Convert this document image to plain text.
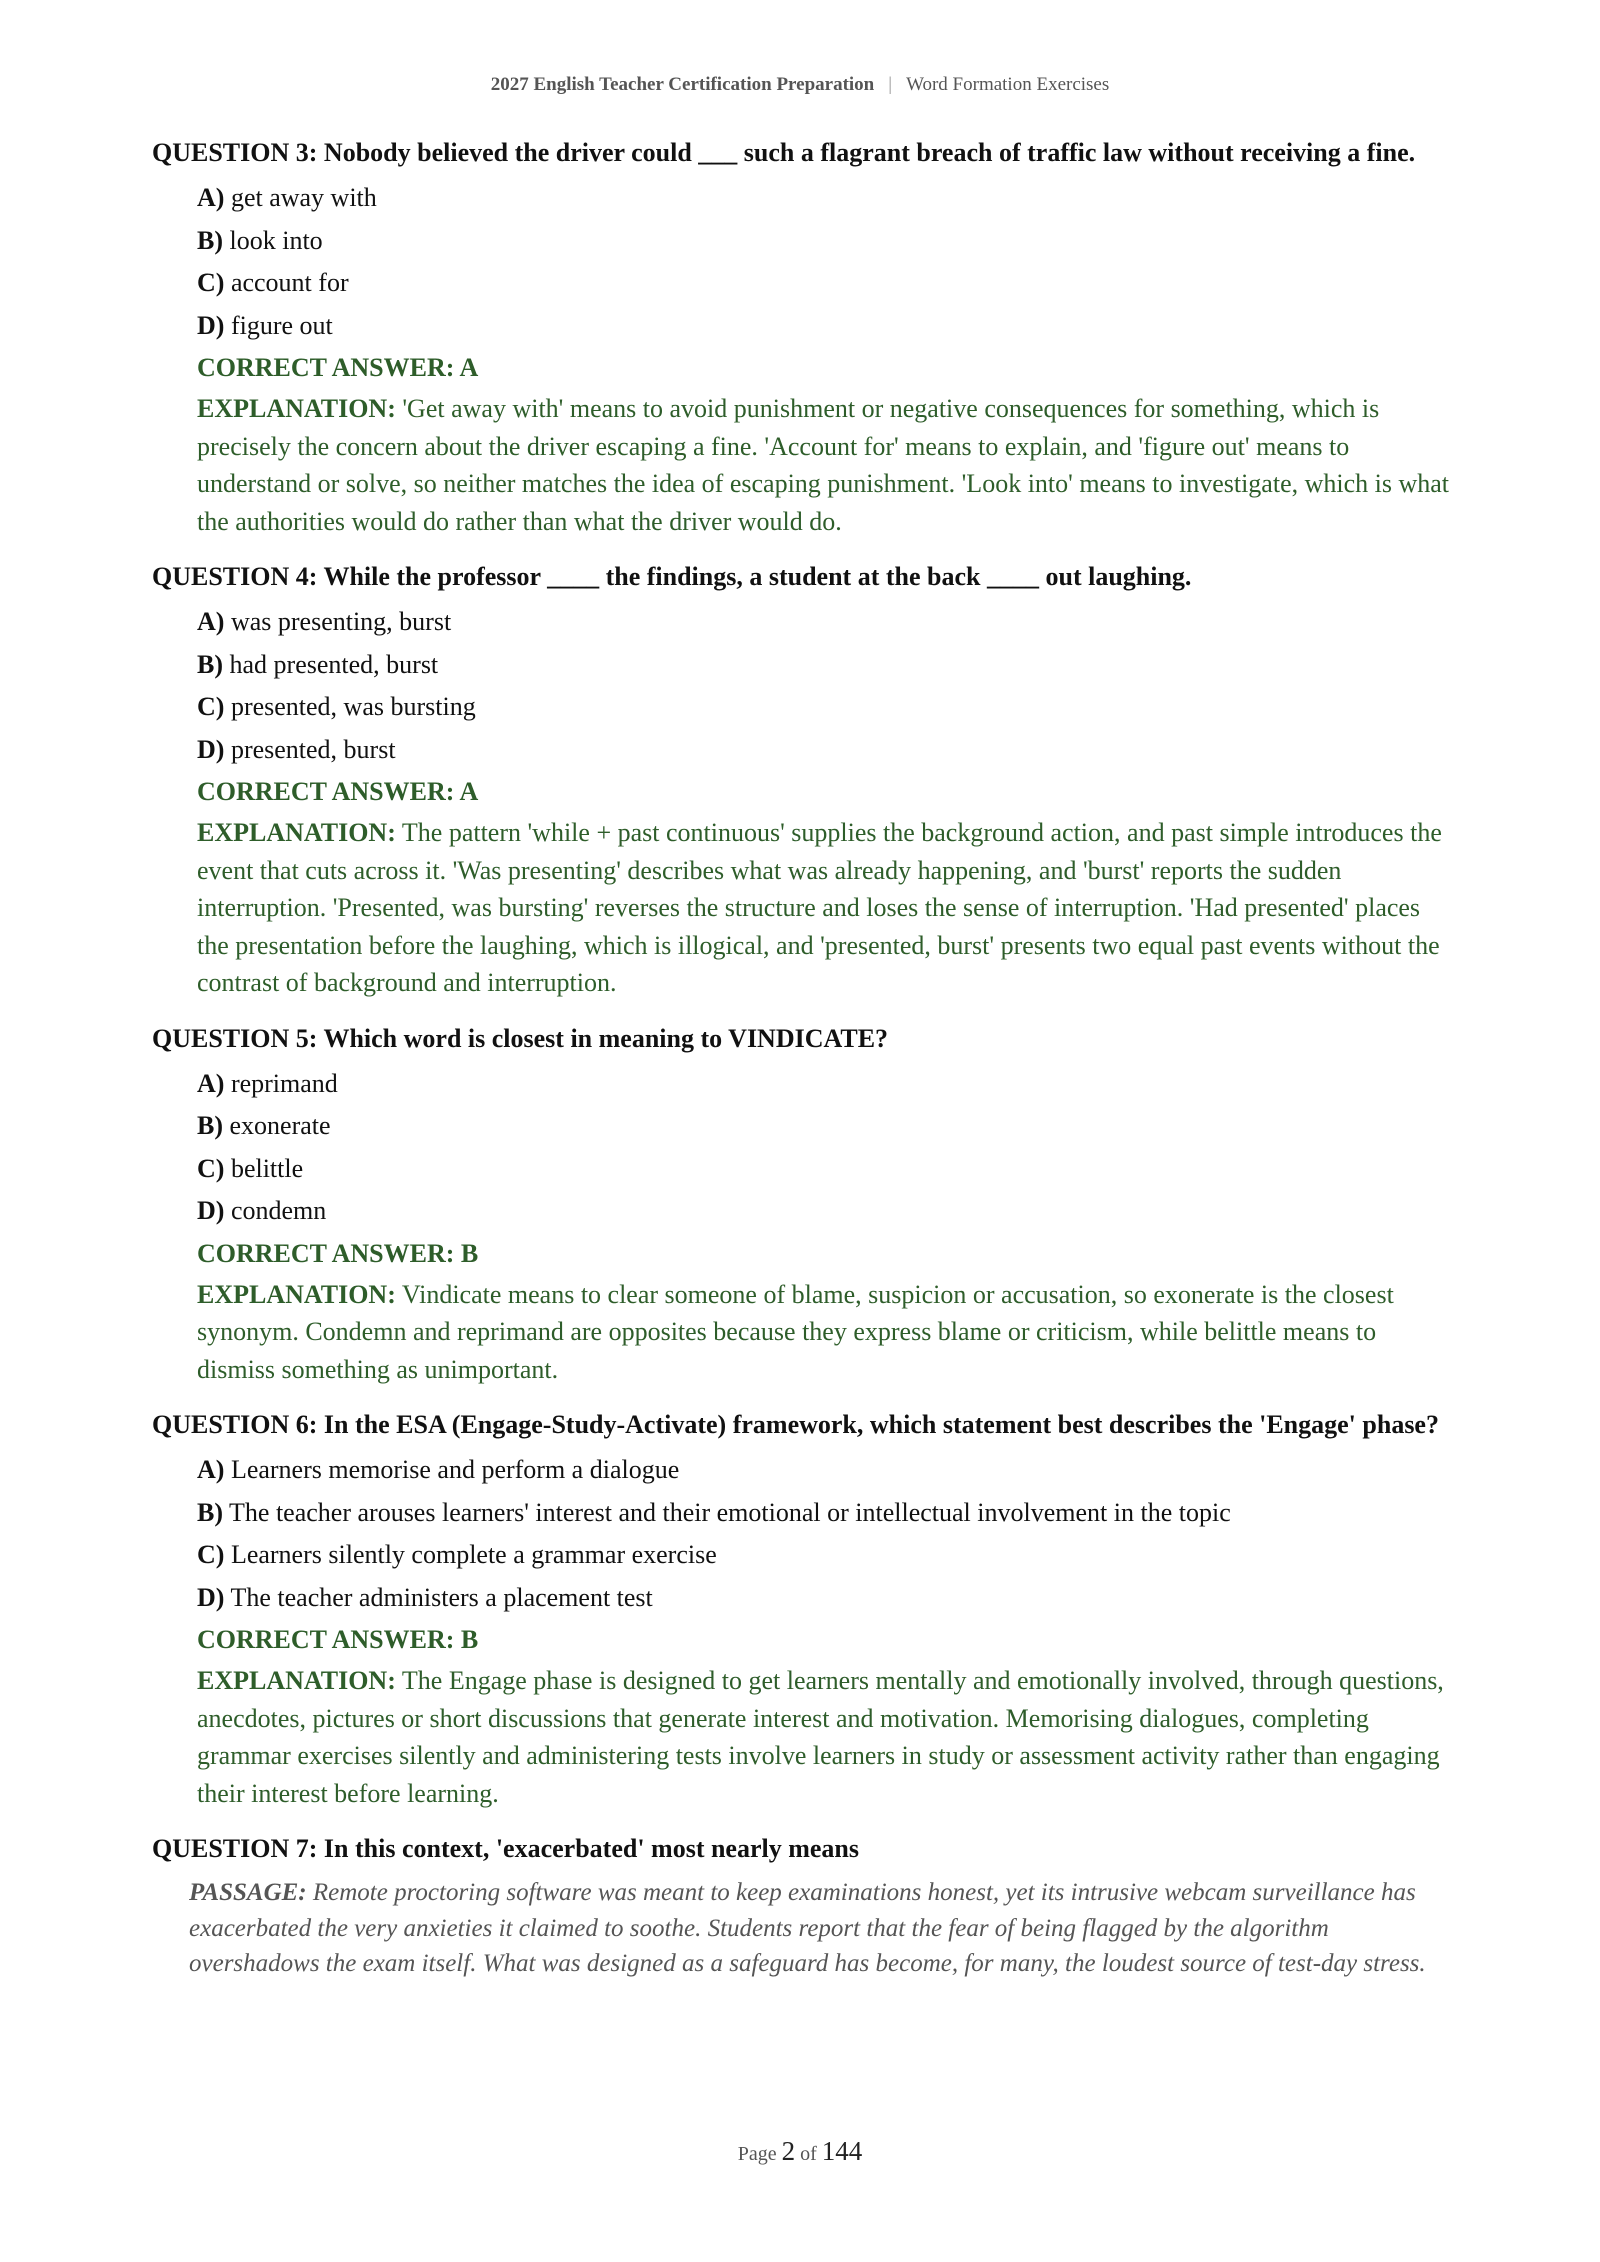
2027 English Teacher Certification Preparation | Word Formation Exercises
QUESTION 3: Nobody believed the driver could ___ such a flagrant breach of traffic law without receiving a fine.
A) get away with
B) look into
C) account for
D) figure out
CORRECT ANSWER: A
EXPLANATION: 'Get away with' means to avoid punishment or negative consequences for something, which is precisely the concern about the driver escaping a fine. 'Account for' means to explain, and 'figure out' means to understand or solve, so neither matches the idea of escaping punishment. 'Look into' means to investigate, which is what the authorities would do rather than what the driver would do.
QUESTION 4: While the professor ____ the findings, a student at the back ____ out laughing.
A) was presenting, burst
B) had presented, burst
C) presented, was bursting
D) presented, burst
CORRECT ANSWER: A
EXPLANATION: The pattern 'while + past continuous' supplies the background action, and past simple introduces the event that cuts across it. 'Was presenting' describes what was already happening, and 'burst' reports the sudden interruption. 'Presented, was bursting' reverses the structure and loses the sense of interruption. 'Had presented' places the presentation before the laughing, which is illogical, and 'presented, burst' presents two equal past events without the contrast of background and interruption.
QUESTION 5: Which word is closest in meaning to VINDICATE?
A) reprimand
B) exonerate
C) belittle
D) condemn
CORRECT ANSWER: B
EXPLANATION: Vindicate means to clear someone of blame, suspicion or accusation, so exonerate is the closest synonym. Condemn and reprimand are opposites because they express blame or criticism, while belittle means to dismiss something as unimportant.
QUESTION 6: In the ESA (Engage-Study-Activate) framework, which statement best describes the 'Engage' phase?
A) Learners memorise and perform a dialogue
B) The teacher arouses learners' interest and their emotional or intellectual involvement in the topic
C) Learners silently complete a grammar exercise
D) The teacher administers a placement test
CORRECT ANSWER: B
EXPLANATION: The Engage phase is designed to get learners mentally and emotionally involved, through questions, anecdotes, pictures or short discussions that generate interest and motivation. Memorising dialogues, completing grammar exercises silently and administering tests involve learners in study or assessment activity rather than engaging their interest before learning.
QUESTION 7: In this context, 'exacerbated' most nearly means
PASSAGE: Remote proctoring software was meant to keep examinations honest, yet its intrusive webcam surveillance has exacerbated the very anxieties it claimed to soothe. Students report that the fear of being flagged by the algorithm overshadows the exam itself. What was designed as a safeguard has become, for many, the loudest source of test-day stress.
Page 2 of 144
